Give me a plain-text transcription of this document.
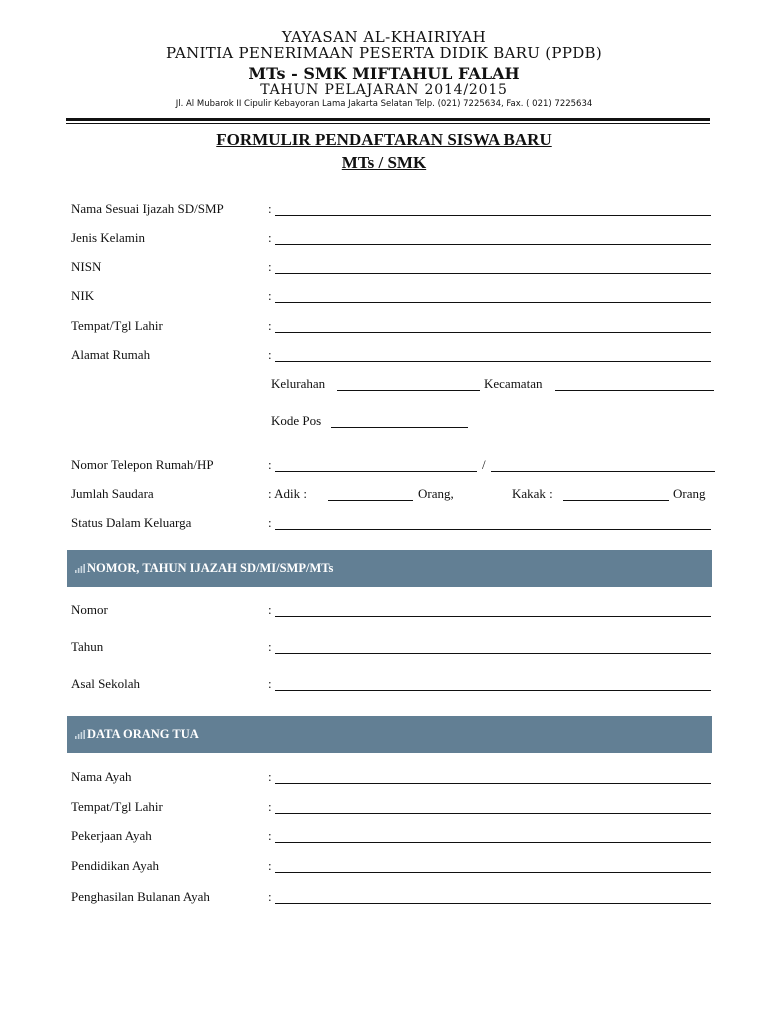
YAYASAN AL-KHAIRIYAH
PANITIA PENERIMAAN PESERTA DIDIK BARU (PPDB)
MTs - SMK MIFTAHUL FALAH
TAHUN PELAJARAN 2014/2015
Jl. Al Mubarok II Cipulir Kebayoran Lama Jakarta Selatan Telp. (021) 7225634, Fax. ( 021) 7225634
FORMULIR PENDAFTARAN SISWA BARU
MTs / SMK
Nama Sesuai Ijazah SD/SMP	:
Jenis Kelamin	:
NISN	:
NIK	:
Tempat/Tgl Lahir	:
Alamat Rumah	:
Kelurahan	Kecamatan
Kode Pos
Nomor Telepon Rumah/HP	:	/
Jumlah Saudara	: Adik :	Orang,	Kakak :	Orang
Status Dalam Keluarga	:
NOMOR, TAHUN IJAZAH SD/MI/SMP/MTs
Nomor	:
Tahun	:
Asal Sekolah	:
DATA ORANG TUA
Nama Ayah	:
Tempat/Tgl Lahir	:
Pekerjaan Ayah	:
Pendidikan Ayah	:
Penghasilan Bulanan Ayah	:
